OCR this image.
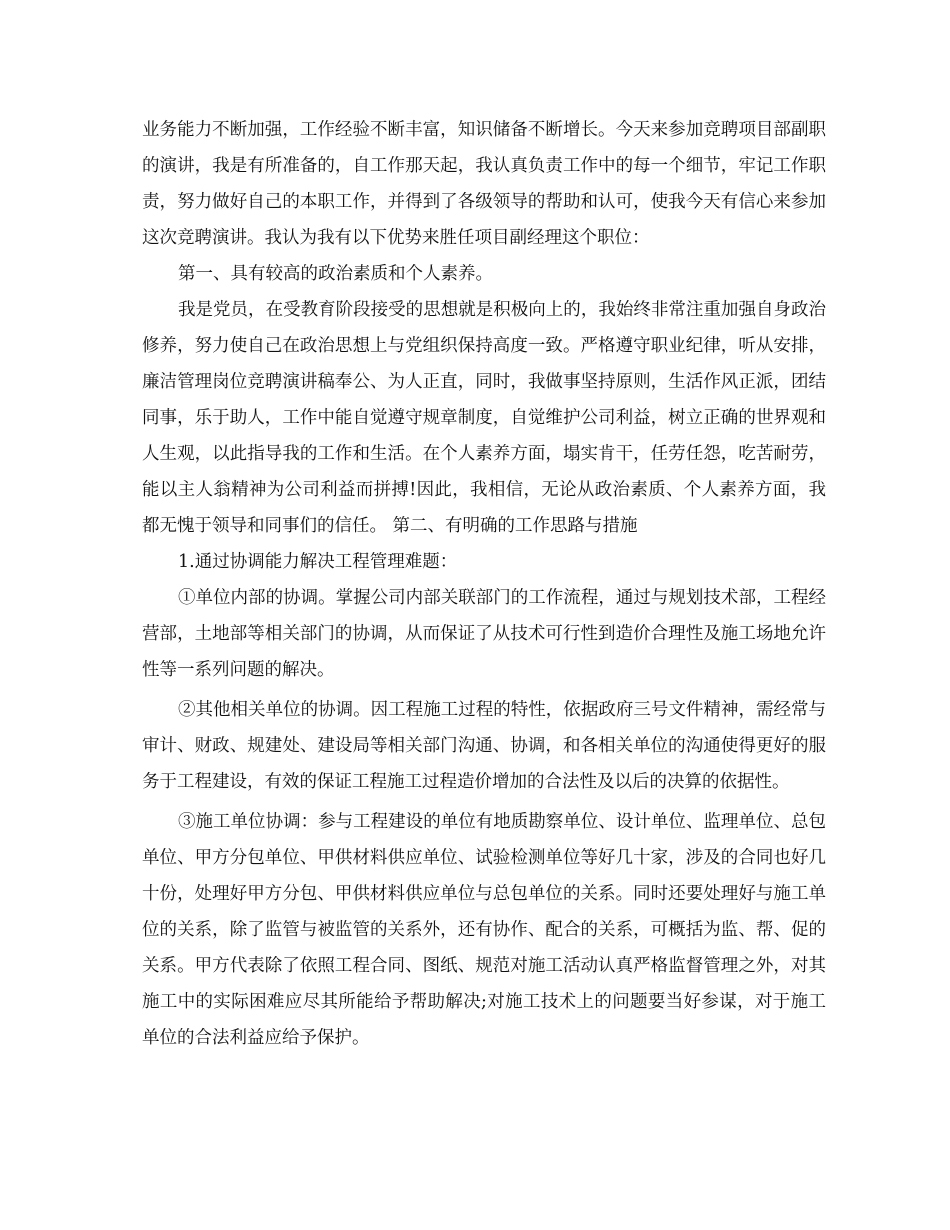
业务能力不断加强，工作经验不断丰富，知识储备不断增长。今天来参加竞聘项目部副职的演讲，我是有所准备的，自工作那天起，我认真负责工作中的每一个细节，牢记工作职责，努力做好自己的本职工作，并得到了各级领导的帮助和认可，使我今天有信心来参加这次竞聘演讲。我认为我有以下优势来胜任项目副经理这个职位：

第一、具有较高的政治素质和个人素养。

我是党员，在受教育阶段接受的思想就是积极向上的，我始终非常注重加强自身政治修养，努力使自己在政治思想上与党组织保持高度一致。严格遵守职业纪律，听从安排，廉洁管理岗位竞聘演讲稿奉公、为人正直，同时，我做事坚持原则，生活作风正派，团结同事，乐于助人，工作中能自觉遵守规章制度，自觉维护公司利益，树立正确的世界观和人生观，以此指导我的工作和生活。在个人素养方面，塌实肯干，任劳任怨，吃苦耐劳，能以主人翁精神为公司利益而拼搏!因此，我相信，无论从政治素质、个人素养方面，我都无愧于领导和同事们的信任。 第二、有明确的工作思路与措施

1.通过协调能力解决工程管理难题：

①单位内部的协调。掌握公司内部关联部门的工作流程，通过与规划技术部，工程经营部，土地部等相关部门的协调，从而保证了从技术可行性到造价合理性及施工场地允许性等一系列问题的解决。

②其他相关单位的协调。因工程施工过程的特性，依据政府三号文件精神，需经常与审计、财政、规建处、建设局等相关部门沟通、协调，和各相关单位的沟通使得更好的服务于工程建设，有效的保证工程施工过程造价增加的合法性及以后的决算的依据性。

③施工单位协调：参与工程建设的单位有地质勘察单位、设计单位、监理单位、总包单位、甲方分包单位、甲供材料供应单位、试验检测单位等好几十家，涉及的合同也好几十份，处理好甲方分包、甲供材料供应单位与总包单位的关系。同时还要处理好与施工单位的关系，除了监管与被监管的关系外，还有协作、配合的关系，可概括为监、帮、促的关系。甲方代表除了依照工程合同、图纸、规范对施工活动认真严格监督管理之外，对其施工中的实际困难应尽其所能给予帮助解决;对施工技术上的问题要当好参谋，对于施工单位的合法利益应给予保护。
